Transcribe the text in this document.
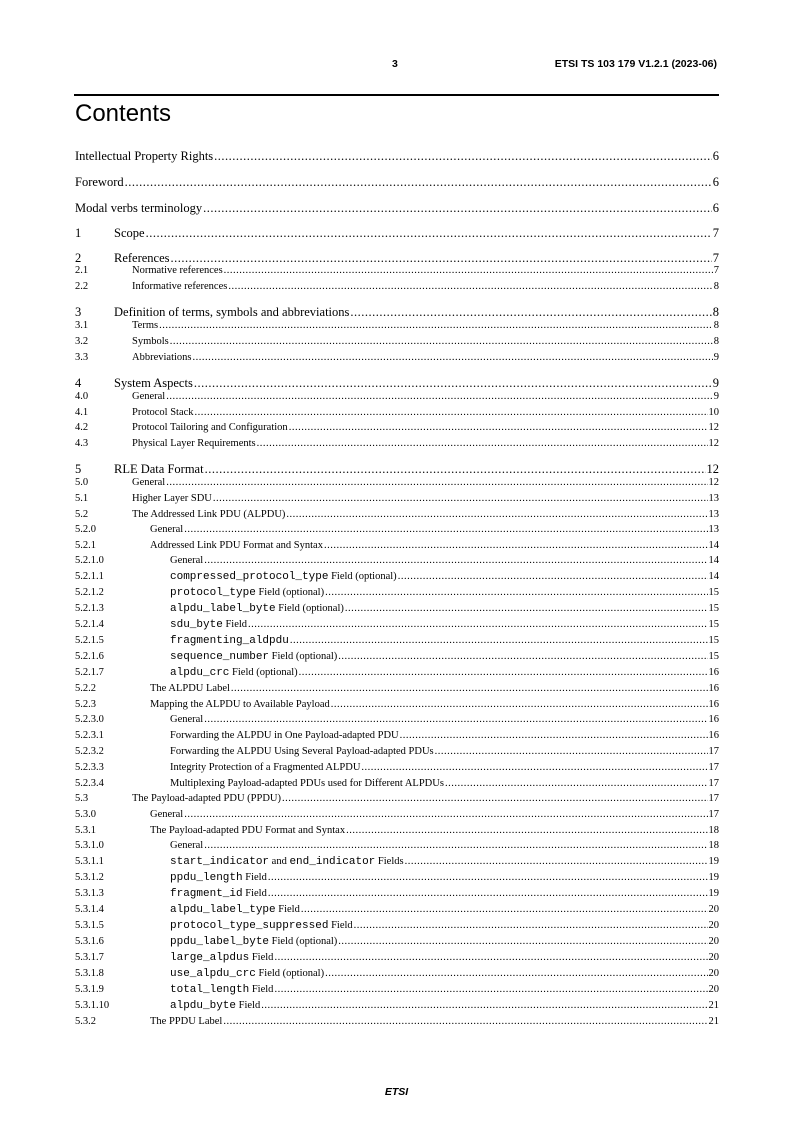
3	ETSI TS 103 179 V1.2.1 (2023-06)
Contents
Intellectual Property Rights .....	6
Foreword .....	6
Modal verbs terminology .....	6
1	Scope .....	7
2	References .....	7
2.1	Normative references .....	7
2.2	Informative references .....	8
3	Definition of terms, symbols and abbreviations .....	8
3.1	Terms .....	8
3.2	Symbols .....	8
3.3	Abbreviations .....	9
4	System Aspects .....	9
4.0	General .....	9
4.1	Protocol Stack .....	10
4.2	Protocol Tailoring and Configuration .....	12
4.3	Physical Layer Requirements .....	12
5	RLE Data Format .....	12
5.0	General .....	12
5.1	Higher Layer SDU .....	13
5.2	The Addressed Link PDU (ALPDU) .....	13
5.2.0	General .....	13
5.2.1	Addressed Link PDU Format and Syntax .....	14
5.2.1.0	General .....	14
5.2.1.1	compressed_protocol_type Field (optional) .....	14
5.2.1.2	protocol_type Field (optional) .....	15
5.2.1.3	alpdu_label_byte Field (optional) .....	15
5.2.1.4	sdu_byte Field .....	15
5.2.1.5	fragmenting_aldpdu .....	15
5.2.1.6	sequence_number Field (optional) .....	15
5.2.1.7	alpdu_crc Field (optional) .....	16
5.2.2	The ALPDU Label .....	16
5.2.3	Mapping the ALPDU to Available Payload .....	16
5.2.3.0	General .....	16
5.2.3.1	Forwarding the ALPDU in One Payload-adapted PDU .....	16
5.2.3.2	Forwarding the ALPDU Using Several Payload-adapted PDUs .....	17
5.2.3.3	Integrity Protection of a Fragmented ALPDU .....	17
5.2.3.4	Multiplexing Payload-adapted PDUs used for Different ALPDUs .....	17
5.3	The Payload-adapted PDU (PPDU) .....	17
5.3.0	General .....	17
5.3.1	The Payload-adapted PDU Format and Syntax .....	18
5.3.1.0	General .....	18
5.3.1.1	start_indicator and end_indicator Fields .....	19
5.3.1.2	ppdu_length Field .....	19
5.3.1.3	fragment_id Field .....	19
5.3.1.4	alpdu_label_type Field .....	20
5.3.1.5	protocol_type_suppressed Field .....	20
5.3.1.6	ppdu_label_byte Field (optional) .....	20
5.3.1.7	large_alpdus Field .....	20
5.3.1.8	use_alpdu_crc Field (optional) .....	20
5.3.1.9	total_length Field .....	20
5.3.1.10	alpdu_byte Field .....	21
5.3.2	The PPDU Label .....	21
ETSI
